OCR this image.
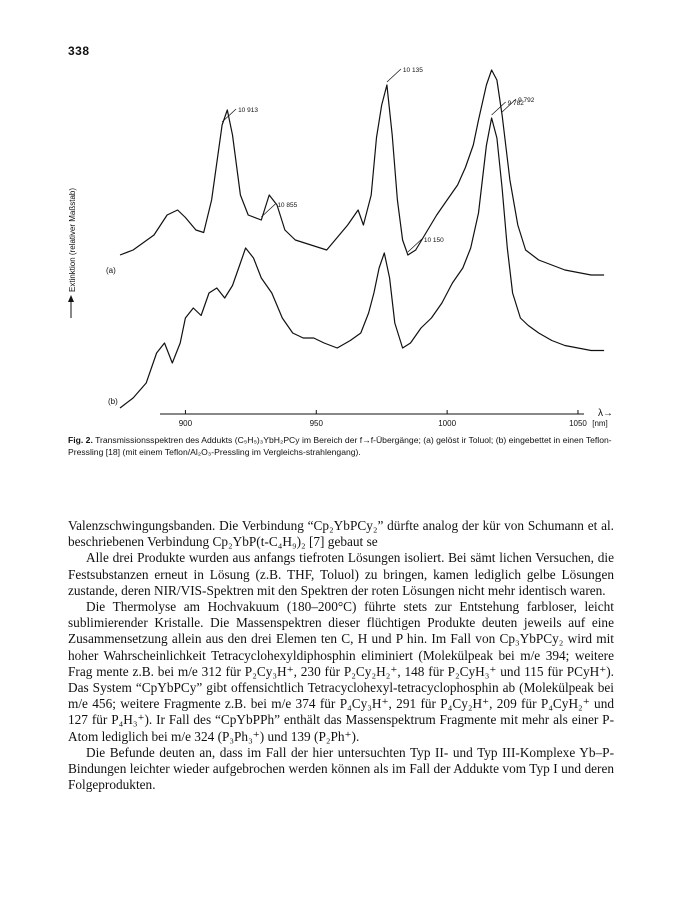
338
900	950	1000	1050 [nm]
λ→
Extinktion (relativer Maßstab)	(a)
(b)
10 913
10 855
10 135
10 150
9 792
9 782
Fig. 2. Transmissionsspektren des Addukts (C₅H₅)₃YbH₂PCy im Bereich der f→f-Übergänge; (a) gelöst ir Toluol; (b) eingebettet in einen Teflon-Pressling [18] (mit einem Teflon/Al₂O₃-Pressling im Vergleichs-strahlengang).

Valenzschwingungsbanden. Die Verbindung “Cp₂YbPCy₂” dürfte analog der kür von Schumann et al. beschriebenen Verbindung Cp₂YbP(t-C₄H₉)₂ [7] gebaut se

Alle drei Produkte wurden aus anfangs tiefroten Lösungen isoliert. Bei sämt lichen Versuchen, die Festsubstanzen erneut in Lösung (z.B. THF, Toluol) zu bringen, kamen lediglich gelbe Lösungen zustande, deren NIR/VIS-Spektren mit den Spektren der roten Lösungen nicht mehr identisch waren.

Die Thermolyse am Hochvakuum (180–200°C) führte stets zur Entstehung farbloser, leicht sublimierender Kristalle. Die Massenspektren dieser flüchtigen Produkte deuten jeweils auf eine Zusammensetzung allein aus den drei Elemen ten C, H und P hin. Im Fall von Cp₃YbPCy₂ wird mit hoher Wahrscheinlichkeit Tetracyclohexyldiphosphin eliminiert (Molekülpeak bei m/e 394; weitere Frag mente z.B. bei m/e 312 für P₂Cy₃H⁺, 230 für P₂Cy₂H₂⁺, 148 für P₂CyH₃⁺ und 115 für PCyH⁺). Das System “CpYbPCy” gibt offensichtlich Tetracyclohexyl-tetracyclophosphin ab (Molekülpeak bei m/e 456; weitere Fragmente z.B. bei m/e 374 für P₄Cy₃H⁺, 291 für P₄Cy₂H⁺, 209 für P₄CyH₂⁺ und 127 für P₄H₃⁺). Ir Fall des “CpYbPPh” enthält das Massenspektrum Fragmente mit mehr als einer P-Atom lediglich bei m/e 324 (P₃Ph₃⁺) und 139 (P₂Ph⁺).

Die Befunde deuten an, dass im Fall der hier untersuchten Typ II- und Typ III-Komplexe Yb–P-Bindungen leichter wieder aufgebrochen werden können als im Fall der Addukte vom Typ I und deren Folgeprodukten.
